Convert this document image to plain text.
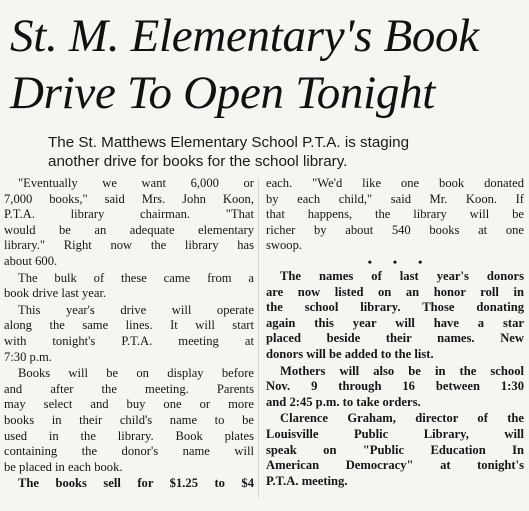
St. M. Elementary's Book
Drive To Open Tonight
The St. Matthews Elementary School P.T.A. is staging
another drive for books for the school library.
"Eventually we want 6,000 or
7,000 books," said Mrs. John Koon,
P.T.A. library chairman. "That
would be an adequate elementary
library." Right now the library has
about 600.
The bulk of these came from a
book drive last year.
This year's drive will operate
along the same lines. It will start
with tonight's P.T.A. meeting at
7:30 p.m.
Books will be on display before
and after the meeting. Parents
may select and buy one or more
books in their child's name to be
used in the library. Book plates
containing the donor's name will
be placed in each book.
The books sell for $1.25 to $4
each. "We'd like one book donated
by each child," said Mr. Koon. If
that happens, the library will be
richer by about 540 books at one
swoop.
• • •
The names of last year's donors
are now listed on an honor roll in
the school library. Those donating
again this year will have a star
placed beside their names. New
donors will be added to the list.
Mothers will also be in the school
Nov. 9 through 16 between 1:30
and 2:45 p.m. to take orders.
Clarence Graham, director of the
Louisville Public Library, will
speak on "Public Education In
American Democracy" at tonight's
P.T.A. meeting.
